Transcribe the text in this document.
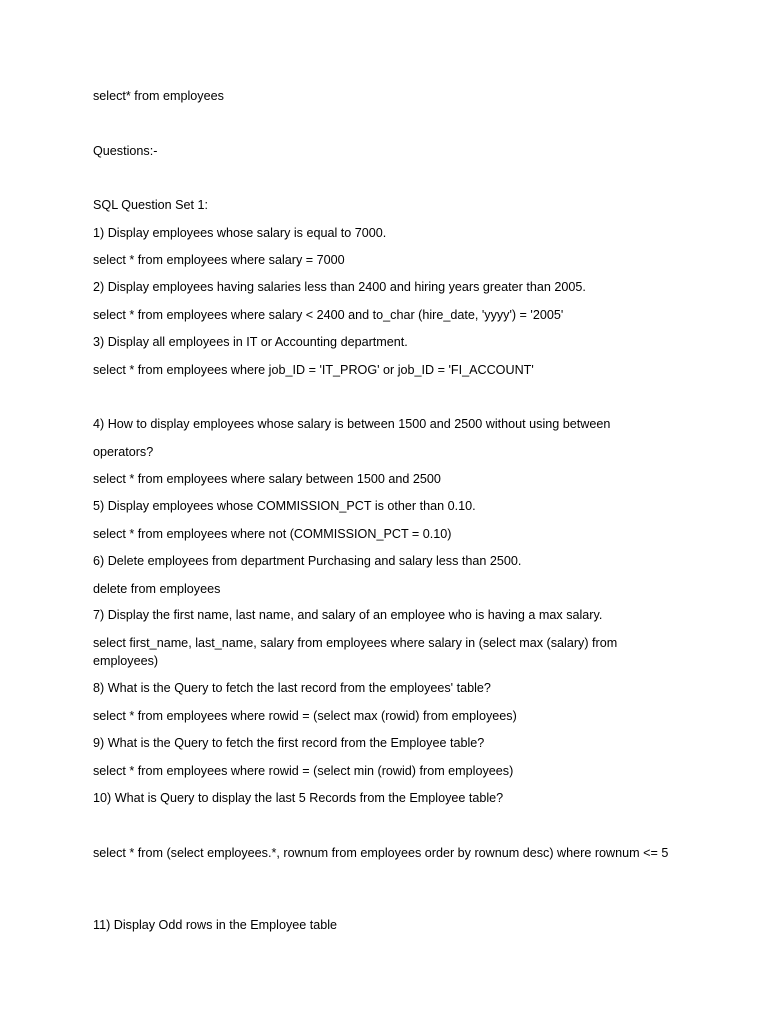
select* from employees
Questions:-
SQL Question Set 1:
1) Display employees whose salary is equal to 7000.
select * from employees where salary = 7000
2) Display employees having salaries less than 2400 and hiring years greater than 2005.
select * from employees where salary < 2400 and to_char (hire_date, 'yyyy') = '2005'
3) Display all employees in IT or Accounting department.
select * from employees where job_ID = 'IT_PROG' or job_ID = 'FI_ACCOUNT'
4) How to display employees whose salary is between 1500 and 2500 without using between
operators?
select * from employees where salary between 1500 and 2500
5) Display employees whose COMMISSION_PCT is other than 0.10.
select * from employees where not (COMMISSION_PCT = 0.10)
6) Delete employees from department Purchasing and salary less than 2500.
delete from employees
7) Display the first name, last name, and salary of an employee who is having a max salary.
select first_name, last_name, salary from employees where salary in (select max (salary) from employees)
8) What is the Query to fetch the last record from the employees' table?
select * from employees where rowid = (select max (rowid) from employees)
9) What is the Query to fetch the first record from the Employee table?
select * from employees where rowid = (select min (rowid) from employees)
10) What is Query to display the last 5 Records from the Employee table?
select * from (select employees.*, rownum from employees order by rownum desc) where rownum <= 5
11) Display Odd rows in the Employee table
